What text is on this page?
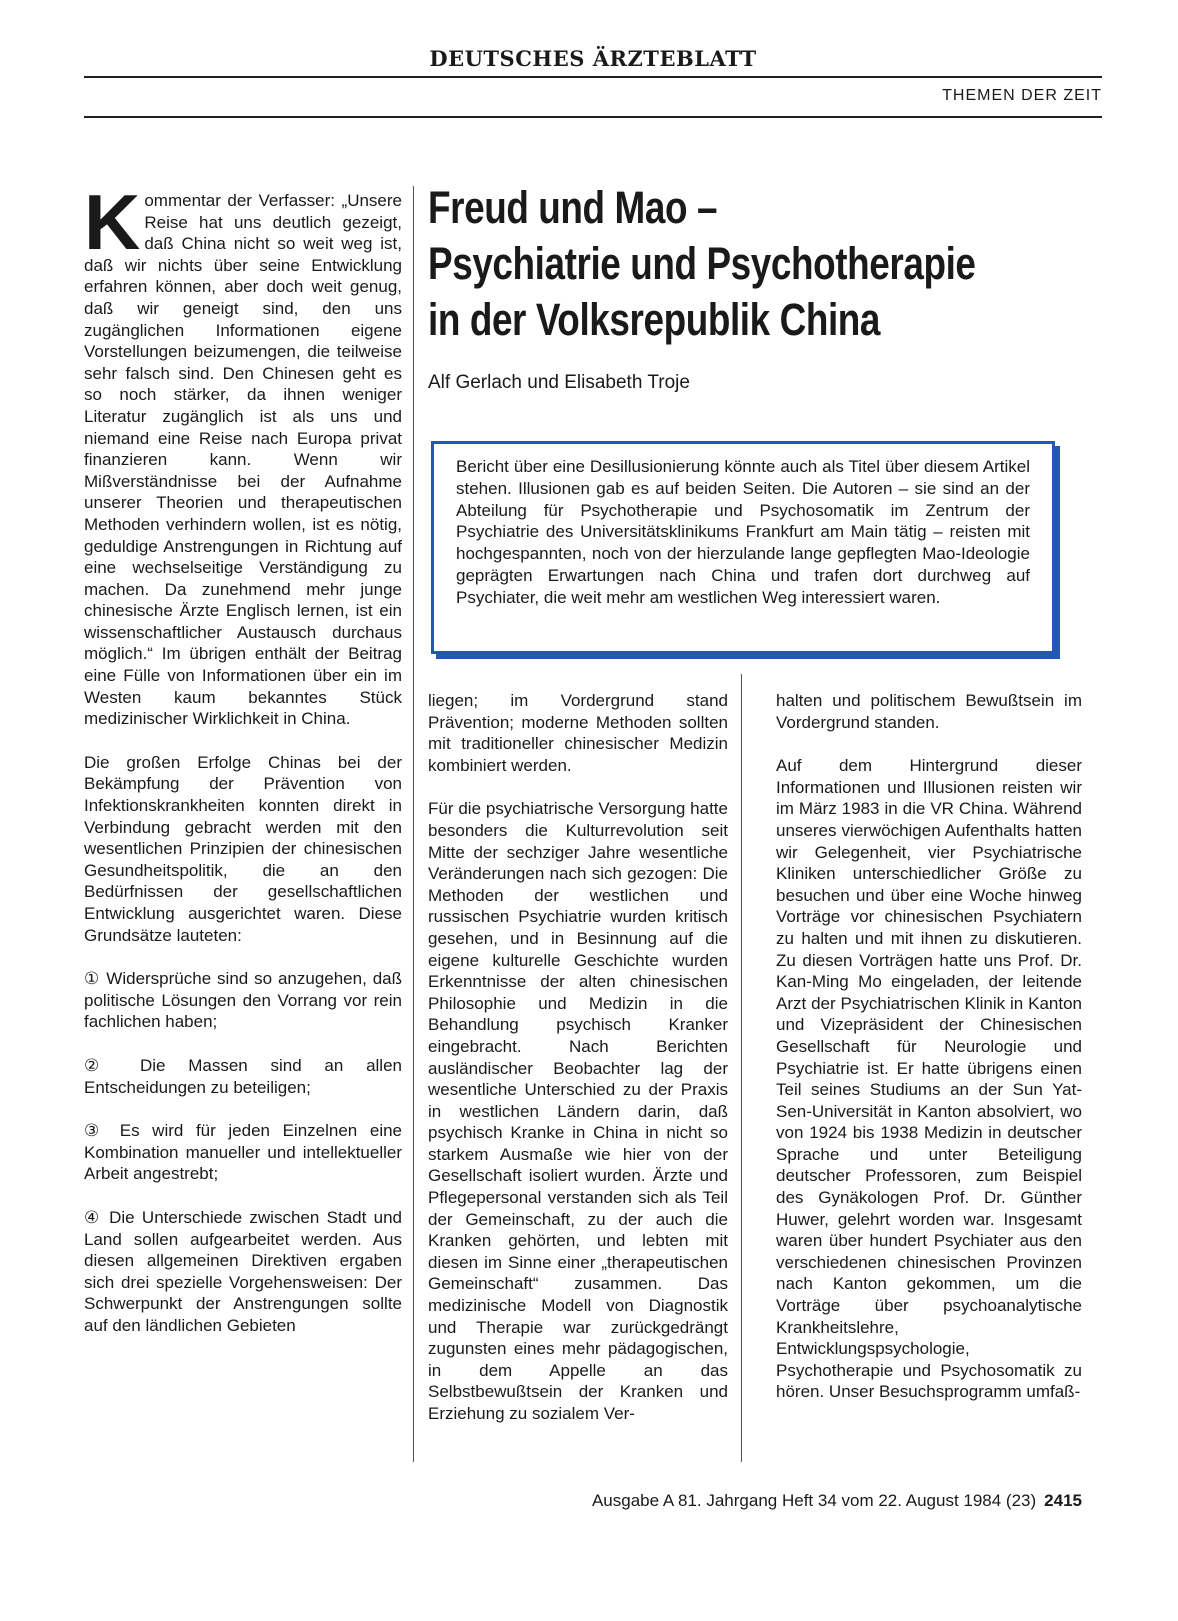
DEUTSCHES ÄRZTEBLATT
THEMEN DER ZEIT
Freud und Mao –
Psychiatrie und Psychotherapie
in der Volksrepublik China
Alf Gerlach und Elisabeth Troje
Bericht über eine Desillusionierung könnte auch als Titel über diesem Artikel stehen. Illusionen gab es auf beiden Seiten. Die Autoren – sie sind an der Abteilung für Psychotherapie und Psychosomatik im Zentrum der Psychiatrie des Universitätsklinikums Frankfurt am Main tätig – reisten mit hochgespannten, noch von der hierzulande lange gepflegten Mao-Ideologie geprägten Erwartungen nach China und trafen dort durchweg auf Psychiater, die weit mehr am westlichen Weg interessiert waren.

Kommentar der Verfasser: „Unsere Reise hat uns deutlich gezeigt, daß China nicht so weit weg ist, daß wir nichts über seine Entwicklung erfahren können, aber doch weit genug, daß wir geneigt sind, den uns zugänglichen Informationen eigene Vorstellungen beizumengen, die teilweise sehr falsch sind. Den Chinesen geht es so noch stärker, da ihnen weniger Literatur zugänglich ist als uns und niemand eine Reise nach Europa privat finanzieren kann. Wenn wir Mißverständnisse bei der Aufnahme unserer Theorien und therapeutischen Methoden verhindern wollen, ist es nötig, geduldige Anstrengungen in Richtung auf eine wechselseitige Verständigung zu machen. Da zunehmend mehr junge chinesische Ärzte Englisch lernen, ist ein wissenschaftlicher Austausch durchaus möglich.“ Im übrigen enthält der Beitrag eine Fülle von Informationen über ein im Westen kaum bekanntes Stück medizinischer Wirklichkeit in China.

Die großen Erfolge Chinas bei der Bekämpfung der Prävention von Infektionskrankheiten konnten direkt in Verbindung gebracht werden mit den wesentlichen Prinzipien der chinesischen Gesundheitspolitik, die an den Bedürfnissen der gesellschaftlichen Entwicklung ausgerichtet waren. Diese Grundsätze lauteten:

① Widersprüche sind so anzugehen, daß politische Lösungen den Vorrang vor rein fachlichen haben;

② Die Massen sind an allen Entscheidungen zu beteiligen;

③ Es wird für jeden Einzelnen eine Kombination manueller und intellektueller Arbeit angestrebt;

④ Die Unterschiede zwischen Stadt und Land sollen aufgearbeitet werden. Aus diesen allgemeinen Direktiven ergaben sich drei spezielle Vorgehensweisen: Der Schwerpunkt der Anstrengungen sollte auf den ländlichen Gebieten

liegen; im Vordergrund stand Prävention; moderne Methoden sollten mit traditioneller chinesischer Medizin kombiniert werden.

Für die psychiatrische Versorgung hatte besonders die Kulturrevolution seit Mitte der sechziger Jahre wesentliche Veränderungen nach sich gezogen: Die Methoden der westlichen und russischen Psychiatrie wurden kritisch gesehen, und in Besinnung auf die eigene kulturelle Geschichte wurden Erkenntnisse der alten chinesischen Philosophie und Medizin in die Behandlung psychisch Kranker eingebracht. Nach Berichten ausländischer Beobachter lag der wesentliche Unterschied zu der Praxis in westlichen Ländern darin, daß psychisch Kranke in China in nicht so starkem Ausmaße wie hier von der Gesellschaft isoliert wurden. Ärzte und Pflegepersonal verstanden sich als Teil der Gemeinschaft, zu der auch die Kranken gehörten, und lebten mit diesen im Sinne einer „therapeutischen Gemeinschaft“ zusammen. Das medizinische Modell von Diagnostik und Therapie war zurückgedrängt zugunsten eines mehr pädagogischen, in dem Appelle an das Selbstbewußtsein der Kranken und Erziehung zu sozialem Ver-

halten und politischem Bewußtsein im Vordergrund standen.

Auf dem Hintergrund dieser Informationen und Illusionen reisten wir im März 1983 in die VR China. Während unseres vierwöchigen Aufenthalts hatten wir Gelegenheit, vier Psychiatrische Kliniken unterschiedlicher Größe zu besuchen und über eine Woche hinweg Vorträge vor chinesischen Psychiatern zu halten und mit ihnen zu diskutieren. Zu diesen Vorträgen hatte uns Prof. Dr. Kan-Ming Mo eingeladen, der leitende Arzt der Psychiatrischen Klinik in Kanton und Vizepräsident der Chinesischen Gesellschaft für Neurologie und Psychiatrie ist. Er hatte übrigens einen Teil seines Studiums an der Sun Yat-Sen-Universität in Kanton absolviert, wo von 1924 bis 1938 Medizin in deutscher Sprache und unter Beteiligung deutscher Professoren, zum Beispiel des Gynäkologen Prof. Dr. Günther Huwer, gelehrt worden war. Insgesamt waren über hundert Psychiater aus den verschiedenen chinesischen Provinzen nach Kanton gekommen, um die Vorträge über psychoanalytische Krankheitslehre, Entwicklungspsychologie, Psychotherapie und Psychosomatik zu hören. Unser Besuchsprogramm umfaß-

Ausgabe A 81. Jahrgang Heft 34 vom 22. August 1984 (23) 2415
